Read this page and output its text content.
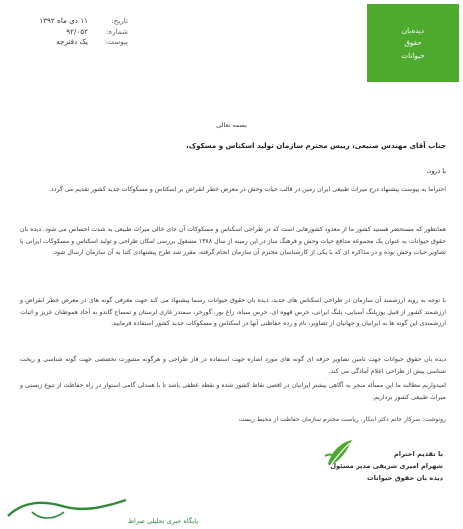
دیده‌بان
حقوق
حیوانات
تاریخ:
۱۱ دی ماه ۱۳۹۲
شماره:
۹۲/۰۵۲
پیوست:
یک دفترچه
بسمه تعالی
جناب آقای مهندس صنیعی، رییس محترم سازمان تولید اسکناس و مسکوک،
با درود،
احتراما به پیوست پیشنهاد درج میراث طبیعی ایران زمین در قالب حیات وحش در معرض خطر انقراض بر اسکناس و مسکوکات جدید کشور تقدیم می گردد.
همانطور که مستحضر هستید کشور ما از معدود کشورهایی است که در طراحی اسکناس و مسکوکات آن جای خالی میراث طبیعی به شدت احساس می شود. دیده بان حقوق حیوانات به عنوان یک مجموعه مدافع حیات وحش و فرهنگ ساز در این زمینه از سال ۱۳۸۸ مشغول بررسی امکان طراحی و تولید اسکناس و مسکوکات ایرانی با تصاویر حیات وحش بوده و در مذاکره ای که با یکی از کارشناسان محترم آن سازمان انجام گرفته، مقرر شد طرح پیشنهادی کتبا به آن سازمان ارسال شود.
با توجه به رویه ارزشمند آن سازمان در طراحی اسکناس های جدید، دیده بان حقوق حیوانات رسما پیشنهاد می کند جهت معرفی گونه های در معرض خطر انقراض و ارزشمند کشور از قبیل یوزپلنگ آسیایی، پلنگ ایرانی، خرس قهوه ای، خرس سیاه، زاغ بور، گورخر، سمندر غاری لرستان و تمساح گاندو به آحاد هموطنان عزیز و اثبات ارزشمندی این گونه ها به ایرانیان و جهانیان از تصاویر، نام و رده حفاظتی آنها در اسکناس و مسکوکات جدید کشور استفاده فرمایید.
دیده بان حقوق حیوانات جهت تامین تصاویر حرفه ای گونه های مورد اشاره جهت استفاده در فاز طراحی و هرگونه مشورت تخصصی جهت گونه شناسی و ریخت شناسی پیش از طراحی اعلام آمادگی می کند.
امیدواریم مطالبه ما این مسأله منجر به آگاهی بیشتر ایرانیان در اقصی نقاط کشور شده و نقطه عطفی باشد تا با همدلی گامی استوار در راه حفاظت از تنوع زیستی و میراث طبیعی کشور برداریم.
رونوشت: سرکار خانم دکتر ابتکار، ریاست محترم سازمان حفاظت از محیط زیست
با تقدیم احترام
شهرام امیری شریفی مدیر مسئول
دیده بان حقوق حیوانات
پایگاه خبری تحلیلی صراط
